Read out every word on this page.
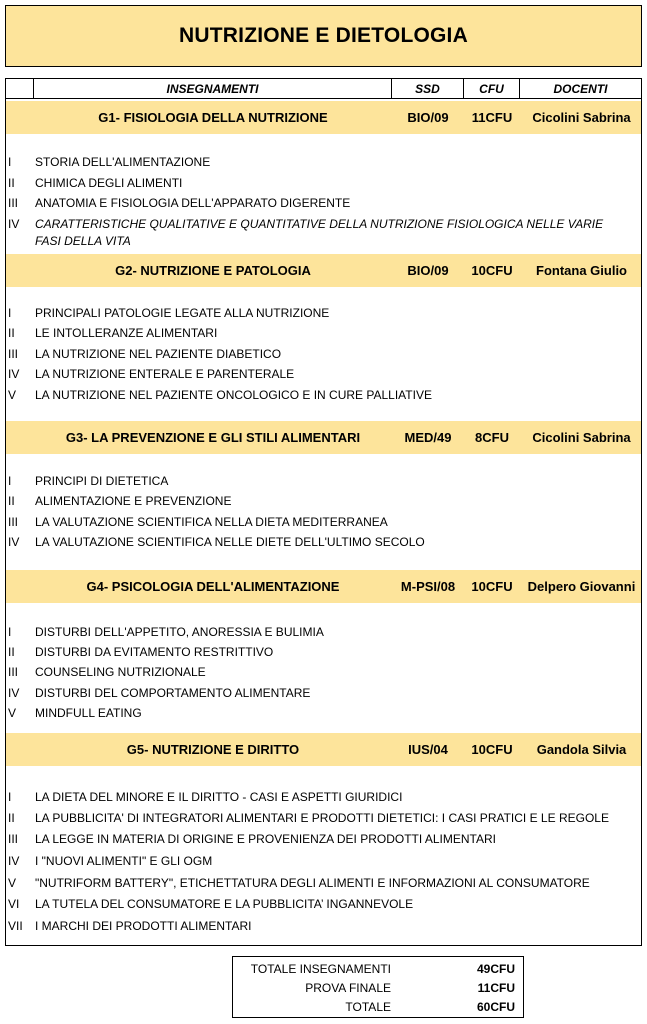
NUTRIZIONE E DIETOLOGIA
INSEGNAMENTI	SSD	CFU	DOCENTI
G1- FISIOLOGIA DELLA NUTRIZIONE	BIO/09	11CFU	Cicolini Sabrina
I STORIA DELL'ALIMENTAZIONE
II CHIMICA DEGLI ALIMENTI
III ANATOMIA E FISIOLOGIA DELL'APPARATO DIGERENTE
IV CARATTERISTICHE QUALITATIVE E QUANTITATIVE DELLA NUTRIZIONE FISIOLOGICA NELLE VARIE FASI DELLA VITA
G2- NUTRIZIONE E PATOLOGIA	BIO/09	10CFU	Fontana Giulio
I PRINCIPALI PATOLOGIE LEGATE ALLA NUTRIZIONE
II LE INTOLLERANZE ALIMENTARI
III LA NUTRIZIONE NEL PAZIENTE DIABETICO
IV LA NUTRIZIONE ENTERALE E PARENTERALE
V LA NUTRIZIONE NEL PAZIENTE ONCOLOGICO E IN CURE PALLIATIVE
G3- LA PREVENZIONE E GLI STILI ALIMENTARI	MED/49	8CFU	Cicolini Sabrina
I PRINCIPI DI DIETETICA
II ALIMENTAZIONE E PREVENZIONE
III LA VALUTAZIONE SCIENTIFICA NELLA DIETA MEDITERRANEA
IV LA VALUTAZIONE SCIENTIFICA NELLE DIETE DELL'ULTIMO SECOLO
G4- PSICOLOGIA DELL'ALIMENTAZIONE	M-PSI/08	10CFU	Delpero Giovanni
I DISTURBI DELL'APPETITO, ANORESSIA E BULIMIA
II DISTURBI DA EVITAMENTO RESTRITTIVO
III COUNSELING NUTRIZIONALE
IV DISTURBI DEL COMPORTAMENTO ALIMENTARE
V MINDFULL EATING
G5- NUTRIZIONE E DIRITTO	IUS/04	10CFU	Gandola Silvia
I LA DIETA DEL MINORE E IL DIRITTO - CASI E ASPETTI GIURIDICI
II LA PUBBLICITA' DI INTEGRATORI ALIMENTARI E PRODOTTI DIETETICI: I CASI PRATICI E LE REGOLE
III LA LEGGE IN MATERIA DI ORIGINE E PROVENIENZA DEI PRODOTTI ALIMENTARI
IV I "NUOVI ALIMENTI" E GLI OGM
V "NUTRIFORM BATTERY", ETICHETTATURA DEGLI ALIMENTI E INFORMAZIONI AL CONSUMATORE
VI LA TUTELA DEL CONSUMATORE E LA PUBBLICITA’ INGANNEVOLE
VII I MARCHI DEI PRODOTTI ALIMENTARI
TOTALE INSEGNAMENTI	49CFU
PROVA FINALE	11CFU
TOTALE	60CFU
